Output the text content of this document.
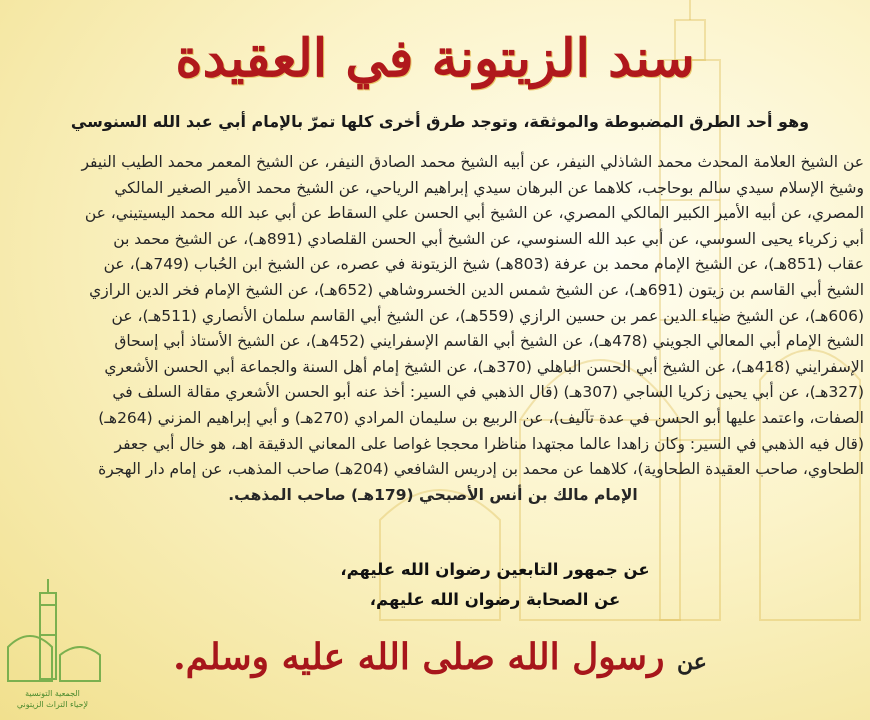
الجمعية التونسية
لإحياء التراث الزيتوني
سند الزيتونة في العقيدة
وهو أحد الطرق المضبوطة والموثقة، وتوجد طرق أخرى كلها تمرّ بالإمام أبي عبد الله السنوسي
عن الشيخ العلامة المحدث محمد الشاذلي النيفر، عن أبيه الشيخ محمد الصادق النيفر، عن الشيخ المعمر محمد الطيب النيفر
وشيخ الإسلام سيدي سالم بوحاجب، كلاهما عن البرهان سيدي إبراهيم الرياحي، عن الشيخ محمد الأمير الصغير المالكي
المصري، عن أبيه الأمير الكبير المالكي المصري، عن الشيخ أبي الحسن علي السقاط عن أبي عبد الله محمد اليسيتيني، عن
أبي زكرياء يحيى السوسي، عن أبي عبد الله السنوسي، عن الشيخ أبي الحسن القلصادي (891هـ)، عن الشيخ محمد بن
عقاب (851هـ)، عن الشيخ الإمام محمد بن عرفة (803هـ) شيخ الزيتونة في عصره، عن الشيخ ابن الحُباب (749هـ)، عن
الشيخ أبي القاسم بن زيتون (691هـ)، عن الشيخ شمس الدين الخسروشاهي (652هـ)، عن الشيخ الإمام فخر الدين الرازي
(606هـ)، عن الشيخ ضياء الدين عمر بن حسين الرازي (559هـ)، عن الشيخ أبي القاسم سلمان الأنصاري (511هـ)، عن
الشيخ الإمام أبي المعالي الجويني (478هـ)، عن الشيخ أبي القاسم الإسفرايني (452هـ)، عن الشيخ الأستاذ أبي إسحاق
الإسفرايني (418هـ)، عن الشيخ أبي الحسن الباهلي (370هـ)، عن الشيخ إمام أهل السنة والجماعة أبي الحسن الأشعري
(327هـ)، عن أبي يحيى زكريا الساجي (307هـ) (قال الذهبي في السير: أخذ عنه أبو الحسن الأشعري مقالة السلف في
الصفات، واعتمد عليها أبو الحسن في عدة تآليف)، عن الربيع بن سليمان المرادي (270هـ) و أبي إبراهيم المزني (264هـ)
(قال فيه الذهبي في السير: وكان زاهدا عالما مجتهدا مناظرا محججا غواصا على المعاني الدقيقة اهـ، هو خال أبي جعفر
الطحاوي، صاحب العقيدة الطحاوية)، كلاهما عن محمد بن إدريس الشافعي (204هـ) صاحب المذهب، عن إمام دار الهجرة
الإمام مالك بن أنس الأصبحي (179هـ) صاحب المذهب.
عن جمهور التابعين رضوان الله عليهم،
عن الصحابة رضوان الله عليهم،
عن رسول الله صلى الله عليه وسلم.
